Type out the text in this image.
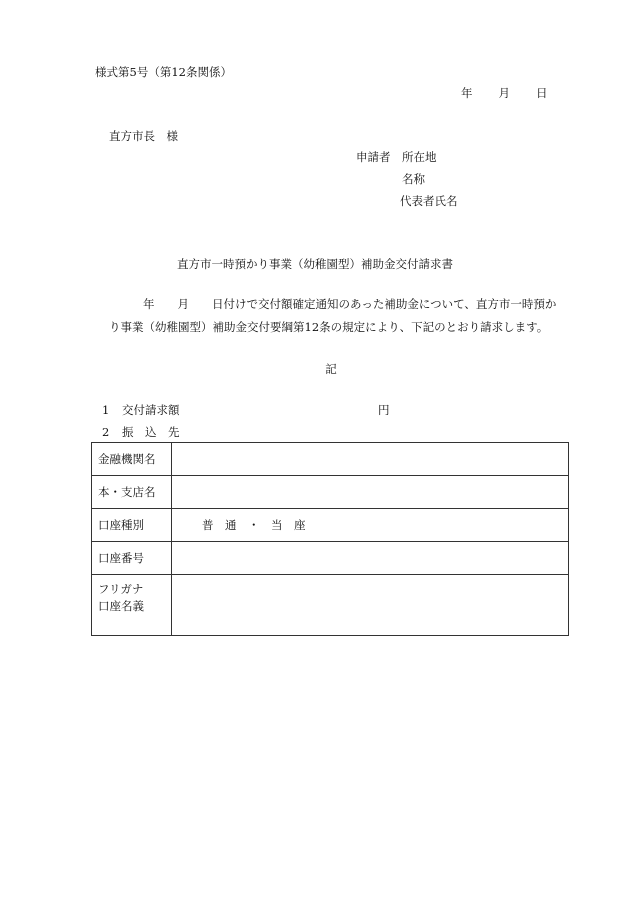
様式第5号（第12条関係）
年 月 日
直方市長　様
申請者 所在地
名称
代表者氏名
直方市一時預かり事業（幼稚園型）補助金交付請求書
年　　月　　日付けで交付額確定通知のあった補助金について、直方市一時預か
り事業（幼稚園型）補助金交付要綱第12条の規定により、下記のとおり請求します。
記
1 交付請求額	円
2 振　込　先
金融機関名	
本・支店名	
口座種別	普　通　・　当　座
口座番号	

フリガナ
口座名義	
